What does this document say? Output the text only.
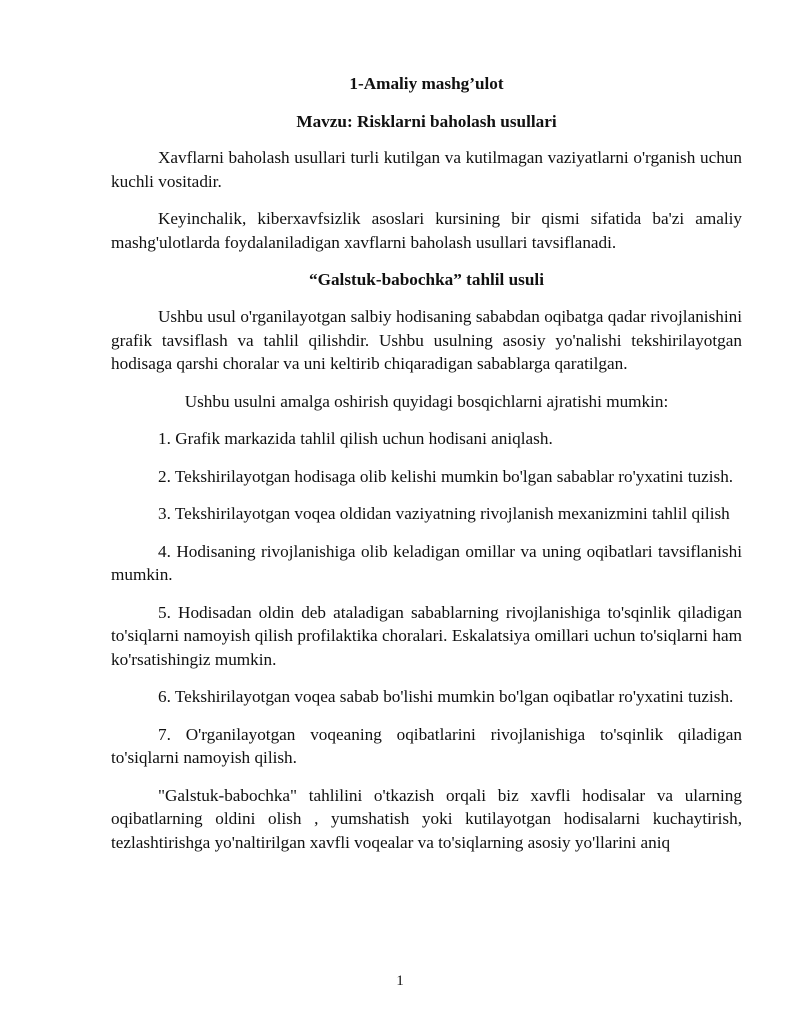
1-Amaliy mashg’ulot

Mavzu: Risklarni baholash usullari

Xavflarni baholash usullari turli kutilgan va kutilmagan vaziyatlarni o'rganish uchun kuchli vositadir.

Keyinchalik, kiberxavfsizlik asoslari kursining bir qismi sifatida ba'zi amaliy mashg'ulotlarda foydalaniladigan xavflarni baholash usullari tavsiflanadi.

“Galstuk-babochka” tahlil usuli

Ushbu usul o'rganilayotgan salbiy hodisaning sababdan oqibatga qadar rivojlanishini grafik tavsiflash va tahlil qilishdir. Ushbu usulning asosiy yo'nalishi tekshirilayotgan hodisaga qarshi choralar va uni keltirib chiqaradigan sabablarga qaratilgan.

Ushbu usulni amalga oshirish quyidagi bosqichlarni ajratishi mumkin:

1. Grafik markazida tahlil qilish uchun hodisani aniqlash.

2. Tekshirilayotgan hodisaga olib kelishi mumkin bo'lgan sabablar ro'yxatini tuzish.

3. Tekshirilayotgan voqea oldidan vaziyatning rivojlanish mexanizmini tahlil qilish

4. Hodisaning rivojlanishiga olib keladigan omillar va uning oqibatlari tavsiflanishi mumkin.

5. Hodisadan oldin deb ataladigan sabablarning rivojlanishiga to'sqinlik qiladigan to'siqlarni namoyish qilish profilaktika choralari. Eskalatsiya omillari uchun to'siqlarni ham ko'rsatishingiz mumkin.

6. Tekshirilayotgan voqea sabab bo'lishi mumkin bo'lgan oqibatlar ro'yxatini tuzish.

7. O'rganilayotgan voqeaning oqibatlarini rivojlanishiga to'sqinlik qiladigan to'siqlarni namoyish qilish.

"Galstuk-babochka" tahlilini o'tkazish orqali biz xavfli hodisalar va ularning oqibatlarning oldini olish , yumshatish yoki kutilayotgan hodisalarni kuchaytirish, tezlashtirishga yo'naltirilgan xavfli voqealar va to'siqlarning asosiy yo'llarini aniq

1
